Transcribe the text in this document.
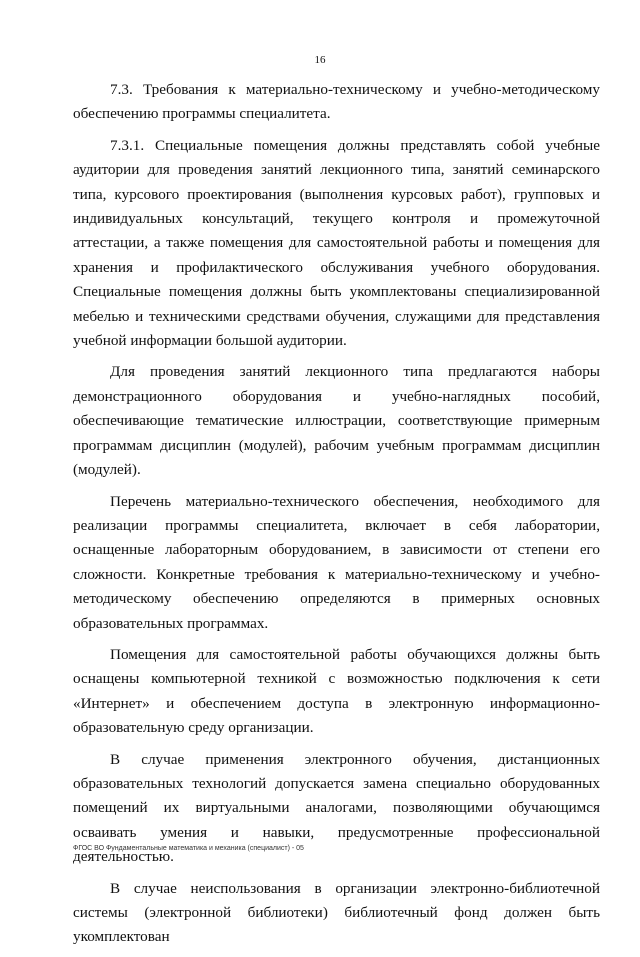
16

7.3. Требования к материально-техническому и учебно-методическому обеспечению программы специалитета.

7.3.1. Специальные помещения должны представлять собой учебные аудитории для проведения занятий лекционного типа, занятий семинарского типа, курсового проектирования (выполнения курсовых работ), групповых и индивидуальных консультаций, текущего контроля и промежуточной аттестации, а также помещения для самостоятельной работы и помещения для хранения и профилактического обслуживания учебного оборудования. Специальные помещения должны быть укомплектованы специализированной мебелью и техническими средствами обучения, служащими для представления учебной информации большой аудитории.

Для проведения занятий лекционного типа предлагаются наборы демонстрационного оборудования и учебно-наглядных пособий, обеспечивающие тематические иллюстрации, соответствующие примерным программам дисциплин (модулей), рабочим учебным программам дисциплин (модулей).

Перечень материально-технического обеспечения, необходимого для реализации программы специалитета, включает в себя лаборатории, оснащенные лабораторным оборудованием, в зависимости от степени его сложности. Конкретные требования к материально-техническому и учебно-методическому обеспечению определяются в примерных основных образовательных программах.

Помещения для самостоятельной работы обучающихся должны быть оснащены компьютерной техникой с возможностью подключения к сети «Интернет» и обеспечением доступа в электронную информационно-образовательную среду организации.

В случае применения электронного обучения, дистанционных образовательных технологий допускается замена специально оборудованных помещений их виртуальными аналогами, позволяющими обучающимся осваивать умения и навыки, предусмотренные профессиональной деятельностью.

В случае неиспользования в организации электронно-библиотечной системы (электронной библиотеки) библиотечный фонд должен быть укомплектован

ФГОС ВО Фундаментальные математика и механика (специалист) - 05
